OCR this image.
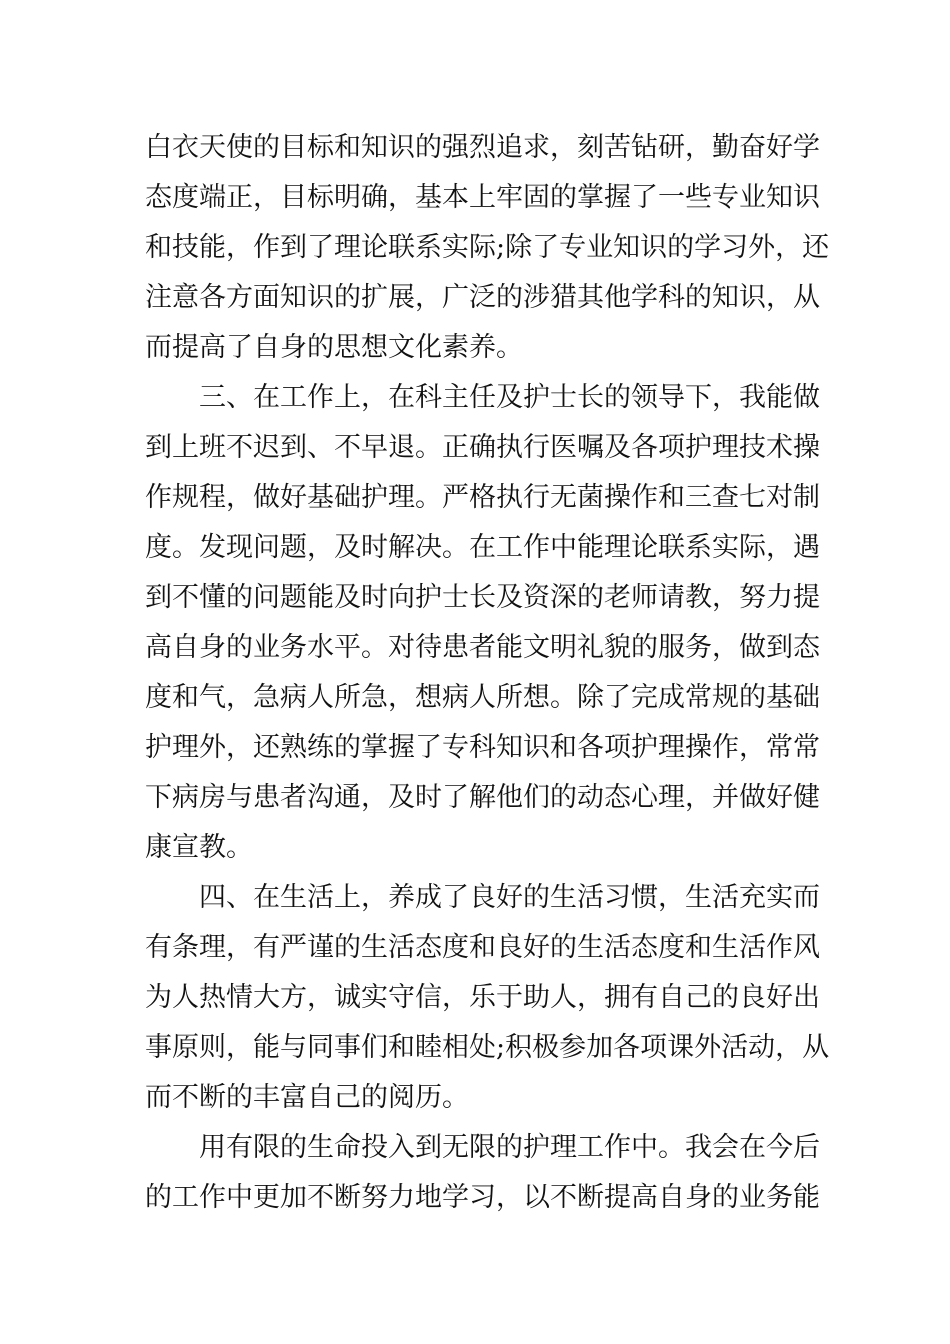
白衣天使的目标和知识的强烈追求，刻苦钻研，勤奋好学
态度端正，目标明确，基本上牢固的掌握了一些专业知识
和技能，作到了理论联系实际;除了专业知识的学习外，还
注意各方面知识的扩展，广泛的涉猎其他学科的知识，从
而提高了自身的思想文化素养。
三、在工作上，在科主任及护士长的领导下，我能做
到上班不迟到、不早退。正确执行医嘱及各项护理技术操
作规程，做好基础护理。严格执行无菌操作和三查七对制
度。发现问题，及时解决。在工作中能理论联系实际，遇
到不懂的问题能及时向护士长及资深的老师请教，努力提
高自身的业务水平。对待患者能文明礼貌的服务，做到态
度和气，急病人所急，想病人所想。除了完成常规的基础
护理外，还熟练的掌握了专科知识和各项护理操作，常常
下病房与患者沟通，及时了解他们的动态心理，并做好健
康宣教。
四、在生活上，养成了良好的生活习惯，生活充实而
有条理，有严谨的生活态度和良好的生活态度和生活作风
为人热情大方，诚实守信，乐于助人，拥有自己的良好出
事原则，能与同事们和睦相处;积极参加各项课外活动，从
而不断的丰富自己的阅历。
用有限的生命投入到无限的护理工作中。我会在今后
的工作中更加不断努力地学习，以不断提高自身的业务能
